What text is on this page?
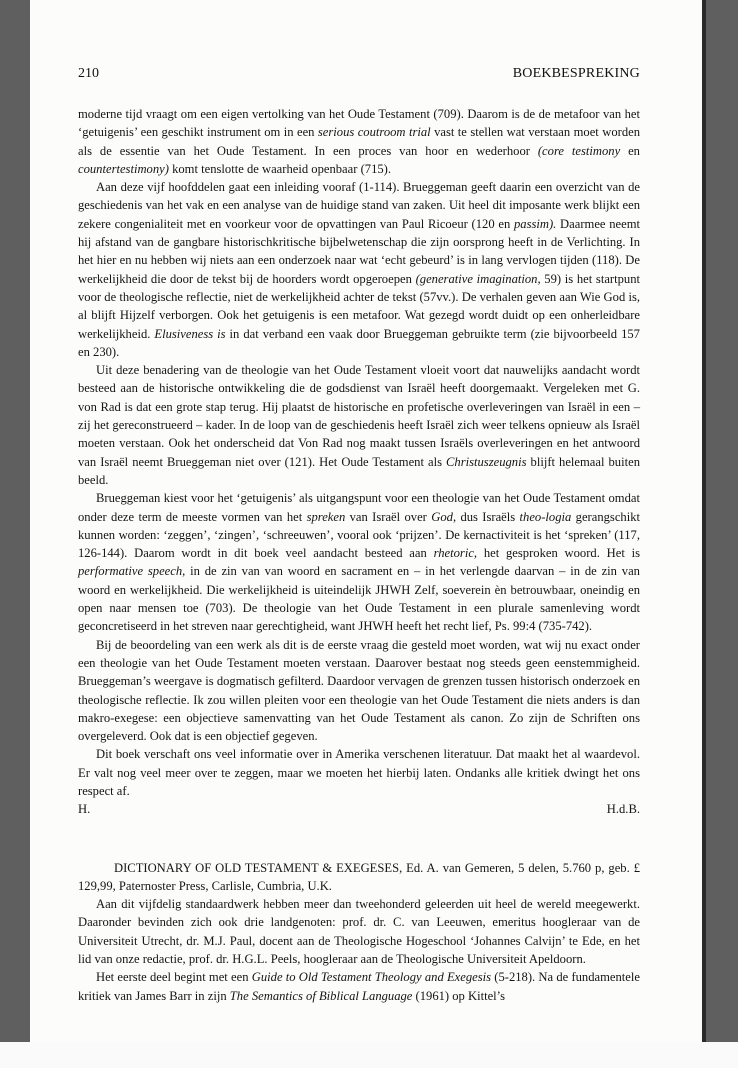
210	BOEKBESPREKING

moderne tijd vraagt om een eigen vertolking van het Oude Testament (709). Daarom is de de metafoor van het ‘getuigenis’ een geschikt instrument om in een serious coutroom trial vast te stellen wat verstaan moet worden als de essentie van het Oude Testament. In een proces van hoor en wederhoor (core testimony en countertestimony) komt tenslotte de waarheid openbaar (715).

Aan deze vijf hoofddelen gaat een inleiding vooraf (1-114). Brueggeman geeft daarin een overzicht van de geschiedenis van het vak en een analyse van de huidige stand van zaken. Uit heel dit imposante werk blijkt een zekere congenialiteit met en voorkeur voor de opvattingen van Paul Ricoeur (120 en passim). Daarmee neemt hij afstand van de gangbare historischkritische bijbelwetenschap die zijn oorsprong heeft in de Verlichting. In het hier en nu hebben wij niets aan een onderzoek naar wat ‘echt gebeurd’ is in lang vervlogen tijden (118). De werkelijkheid die door de tekst bij de hoorders wordt opgeroepen (generative imagination, 59) is het startpunt voor de theologische reflectie, niet de werkelijkheid achter de tekst (57vv.). De verhalen geven aan Wie God is, al blijft Hijzelf verborgen. Ook het getuigenis is een metafoor. Wat gezegd wordt duidt op een onherleidbare werkelijkheid. Elusiveness is in dat verband een vaak door Brueggeman gebruikte term (zie bijvoorbeeld 157 en 230).

Uit deze benadering van de theologie van het Oude Testament vloeit voort dat nauwelijks aandacht wordt besteed aan de historische ontwikkeling die de godsdienst van Israël heeft doorgemaakt. Vergeleken met G. von Rad is dat een grote stap terug. Hij plaatst de historische en profetische overleveringen van Israël in een – zij het gereconstrueerd – kader. In de loop van de geschiedenis heeft Israël zich weer telkens opnieuw als Israël moeten verstaan. Ook het onderscheid dat Von Rad nog maakt tussen Israëls overleveringen en het antwoord van Israël neemt Brueggeman niet over (121). Het Oude Testament als Christuszeugnis blijft helemaal buiten beeld.

Brueggeman kiest voor het ‘getuigenis’ als uitgangspunt voor een theologie van het Oude Testament omdat onder deze term de meeste vormen van het spreken van Israël over God, dus Israëls theo-logia gerangschikt kunnen worden: ‘zeggen’, ‘zingen’, ‘schreeuwen’, vooral ook ‘prijzen’. De kernactiviteit is het ‘spreken’ (117, 126-144). Daarom wordt in dit boek veel aandacht besteed aan rhetoric, het gesproken woord. Het is performative speech, in de zin van van woord en sacrament en – in het verlengde daarvan – in de zin van woord en werkelijkheid. Die werkelijkheid is uiteindelijk JHWH Zelf, soeverein èn betrouwbaar, oneindig en open naar mensen toe (703). De theologie van het Oude Testament in een plurale samenleving wordt geconcretiseerd in het streven naar gerechtigheid, want JHWH heeft het recht lief, Ps. 99:4 (735-742).

Bij de beoordeling van een werk als dit is de eerste vraag die gesteld moet worden, wat wij nu exact onder een theologie van het Oude Testament moeten verstaan. Daarover bestaat nog steeds geen eenstemmigheid. Brueggeman’s weergave is dogmatisch gefilterd. Daardoor vervagen de grenzen tussen historisch onderzoek en theologische reflectie. Ik zou willen pleiten voor een theologie van het Oude Testament die niets anders is dan makro-exegese: een objectieve samenvatting van het Oude Testament als canon. Zo zijn de Schriften ons overgeleverd. Ook dat is een objectief gegeven.

Dit boek verschaft ons veel informatie over in Amerika verschenen literatuur. Dat maakt het al waardevol. Er valt nog veel meer over te zeggen, maar we moeten het hierbij laten. Ondanks alle kritiek dwingt het ons respect af.

H.	H.d.B.

DICTIONARY OF OLD TESTAMENT & EXEGESES, Ed. A. van Gemeren, 5 delen, 5.760 p, geb. £ 129,99, Paternoster Press, Carlisle, Cumbria, U.K.

Aan dit vijfdelig standaardwerk hebben meer dan tweehonderd geleerden uit heel de wereld meegewerkt. Daaronder bevinden zich ook drie landgenoten: prof. dr. C. van Leeuwen, emeritus hoogleraar van de Universiteit Utrecht, dr. M.J. Paul, docent aan de Theologische Hogeschool ‘Johannes Calvijn’ te Ede, en het lid van onze redactie, prof. dr. H.G.L. Peels, hoogleraar aan de Theologische Universiteit Apeldoorn.

Het eerste deel begint met een Guide to Old Testament Theology and Exegesis (5-218). Na de fundamentele kritiek van James Barr in zijn The Semantics of Biblical Language (1961) op Kittel’s
